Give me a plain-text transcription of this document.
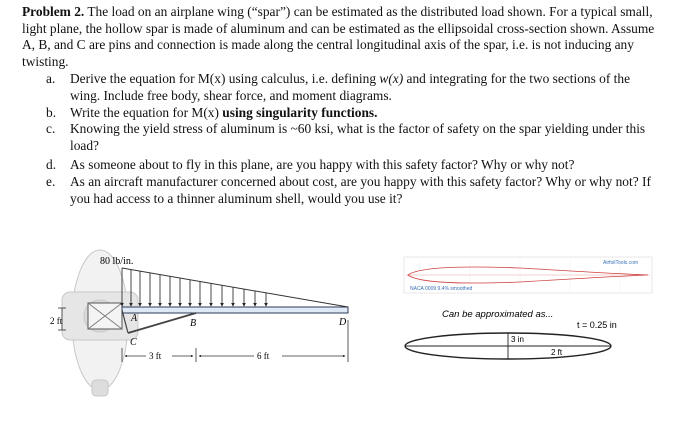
Problem 2. The load on an airplane wing (“spar”) can be estimated as the distributed load shown. For a typical small, light plane, the hollow spar is made of aluminum and can be estimated as the ellipsoidal cross-section shown. Assume A, B, and C are pins and connection is made along the central longitudinal axis of the spar, i.e. is not inducing any twisting.

a. Derive the equation for M(x) using calculus, i.e. defining w(x) and integrating for the two sections of the wing. Include free body, shear force, and moment diagrams.
b. Write the equation for M(x) using singularity functions.
c. Knowing the yield stress of aluminum is ~60 ksi, what is the factor of safety on the spar yielding under this load?
d. As someone about to fly in this plane, are you happy with this safety factor? Why or why not?
e. As an aircraft manufacturer concerned about cost, are you happy with this safety factor? Why or why not? If you had access to a thinner aluminum shell, would you use it?
80 lb/in.
A	B
C
D
2 ft
3 ft	6 ft
AirfoilTools.com
NACA 0009 9.4% smoothed
Can be approximated as...
t = 0.25 in
3 in
2 ft
